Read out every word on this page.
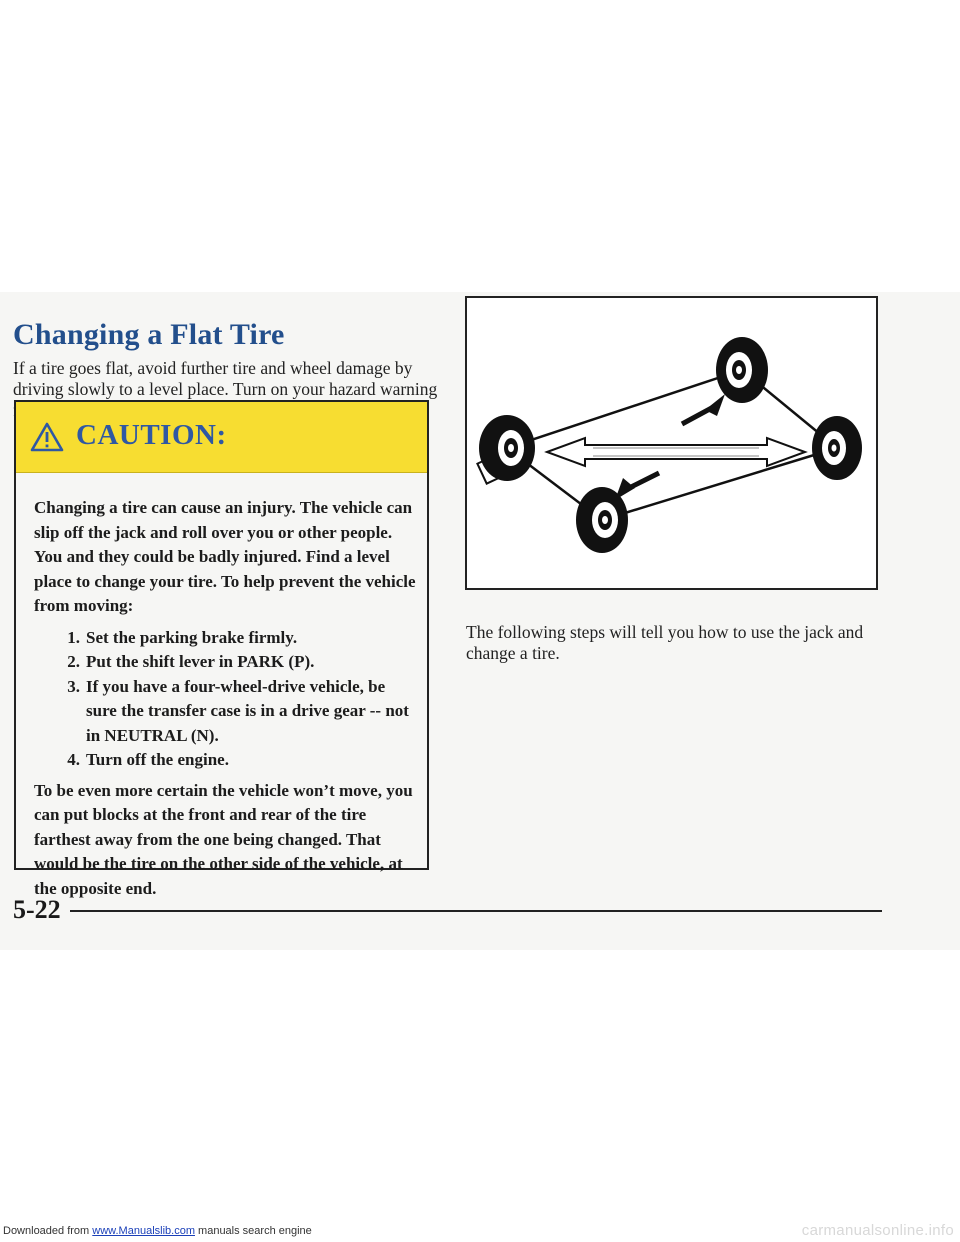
Changing a Flat Tire

If a tire goes flat, avoid further tire and wheel damage by driving slowly to a level place. Turn on your hazard warning

CAUTION:

Changing a tire can cause an injury. The vehicle can slip off the jack and roll over you or other people. You and they could be badly injured. Find a level place to change your tire. To help prevent the vehicle from moving:

1. Set the parking brake firmly.
2. Put the shift lever in PARK (P).
3. If you have a four-wheel-drive vehicle, be sure the transfer case is in a drive gear -- not in NEUTRAL (N).
4. Turn off the engine.

To be even more certain the vehicle won’t move, you can put blocks at the front and rear of the tire farthest away from the one being changed. That would be the tire on the other side of the vehicle, at the opposite end.

The following steps will tell you how to use the jack and change a tire.

5-22
Downloaded from www.Manualslib.com manuals search engine	carmanualsonline.info
